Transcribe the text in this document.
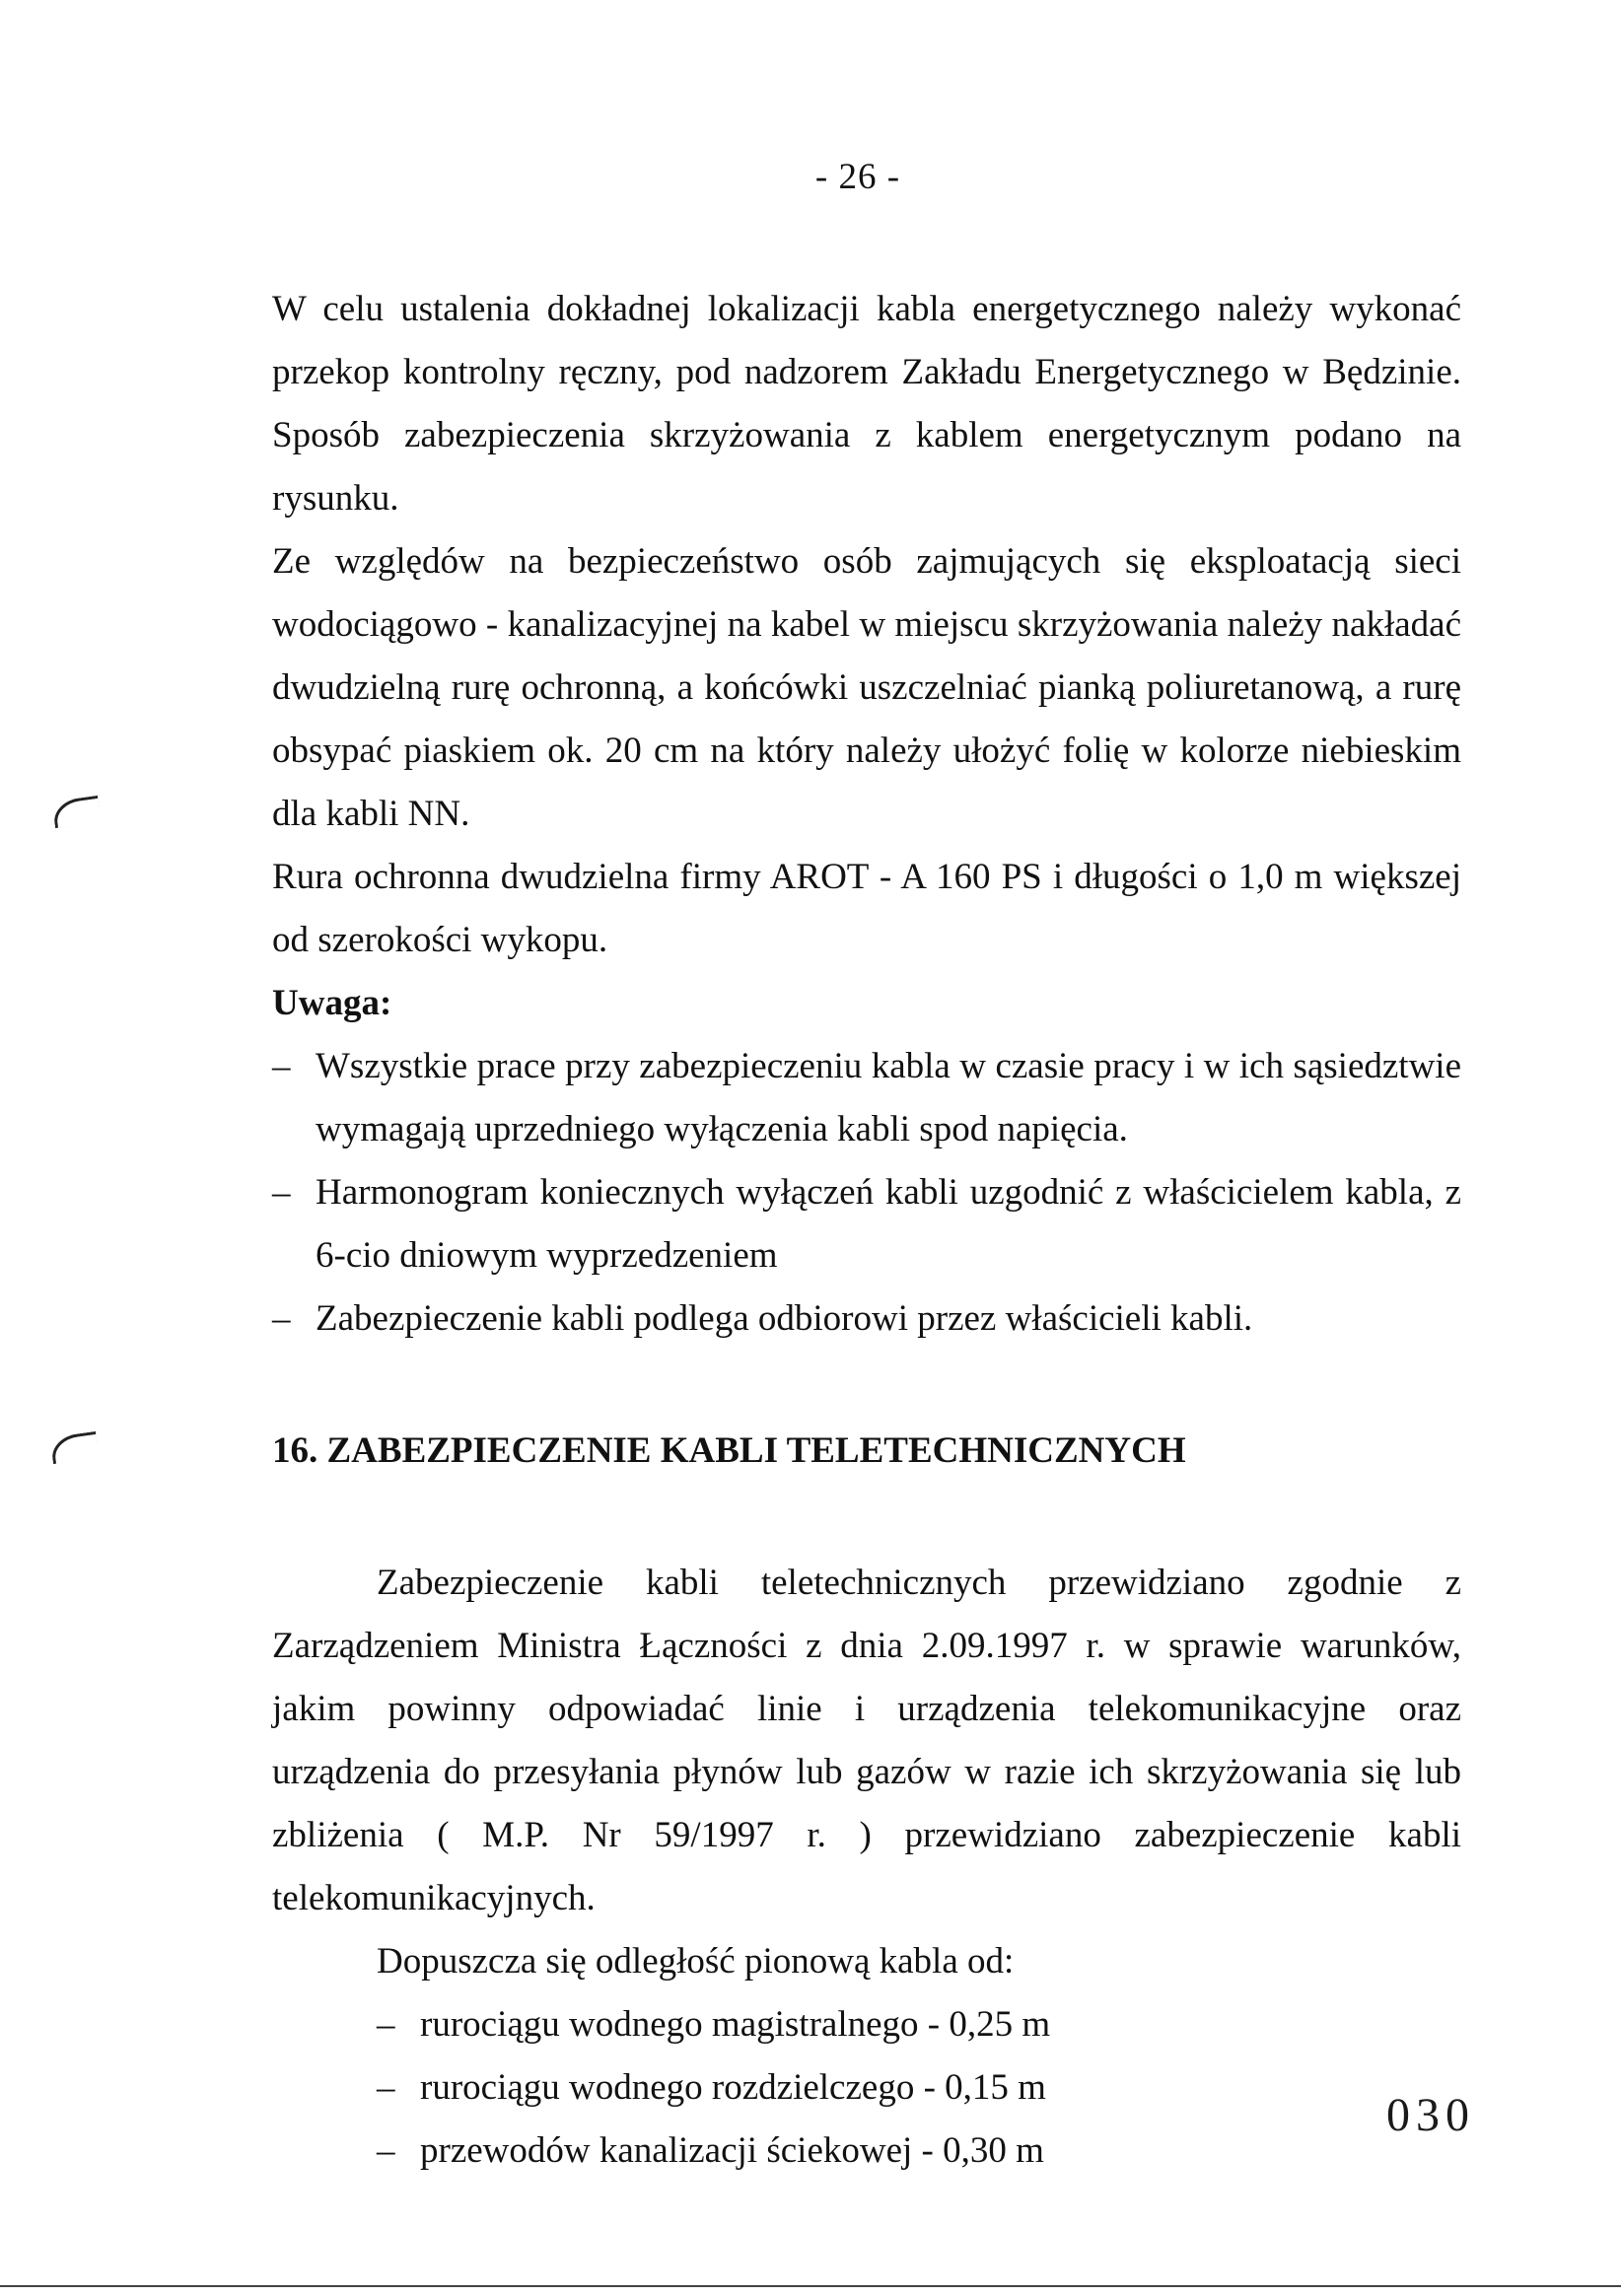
- 26 -

W celu ustalenia dokładnej lokalizacji kabla energetycznego należy wykonać przekop kontrolny ręczny, pod nadzorem Zakładu Energetycznego w Będzinie. Sposób zabezpieczenia skrzyżowania z kablem energetycznym podano na rysunku.

Ze względów na bezpieczeństwo osób zajmujących się eksploatacją sieci wodociągowo - kanalizacyjnej na kabel w miejscu skrzyżowania należy nakładać dwudzielną rurę ochronną, a końcówki uszczelniać pianką poliuretanową, a rurę obsypać piaskiem ok. 20 cm na który należy ułożyć folię w kolorze niebieskim dla kabli NN.

Rura ochronna dwudzielna firmy AROT - A 160 PS i długości o 1,0 m większej od szerokości wykopu.

Uwaga:

– Wszystkie prace przy zabezpieczeniu kabla w czasie pracy i w ich sąsiedztwie wymagają uprzedniego wyłączenia kabli spod napięcia.
– Harmonogram koniecznych wyłączeń kabli uzgodnić z właścicielem kabla, z 6-cio dniowym wyprzedzeniem
– Zabezpieczenie kabli podlega odbiorowi przez właścicieli kabli.

16. ZABEZPIECZENIE KABLI TELETECHNICZNYCH

Zabezpieczenie kabli teletechnicznych przewidziano zgodnie z Zarządzeniem Ministra Łączności z dnia 2.09.1997 r. w sprawie warunków, jakim powinny odpowiadać linie i urządzenia telekomunikacyjne oraz urządzenia do przesyłania płynów lub gazów w razie ich skrzyżowania się lub zbliżenia ( M.P. Nr 59/1997 r. ) przewidziano zabezpieczenie kabli telekomunikacyjnych.

Dopuszcza się odległość pionową kabla od:

– rurociągu wodnego magistralnego - 0,25 m
– rurociągu wodnego rozdzielczego - 0,15 m
– przewodów kanalizacji ściekowej - 0,30 m
030
